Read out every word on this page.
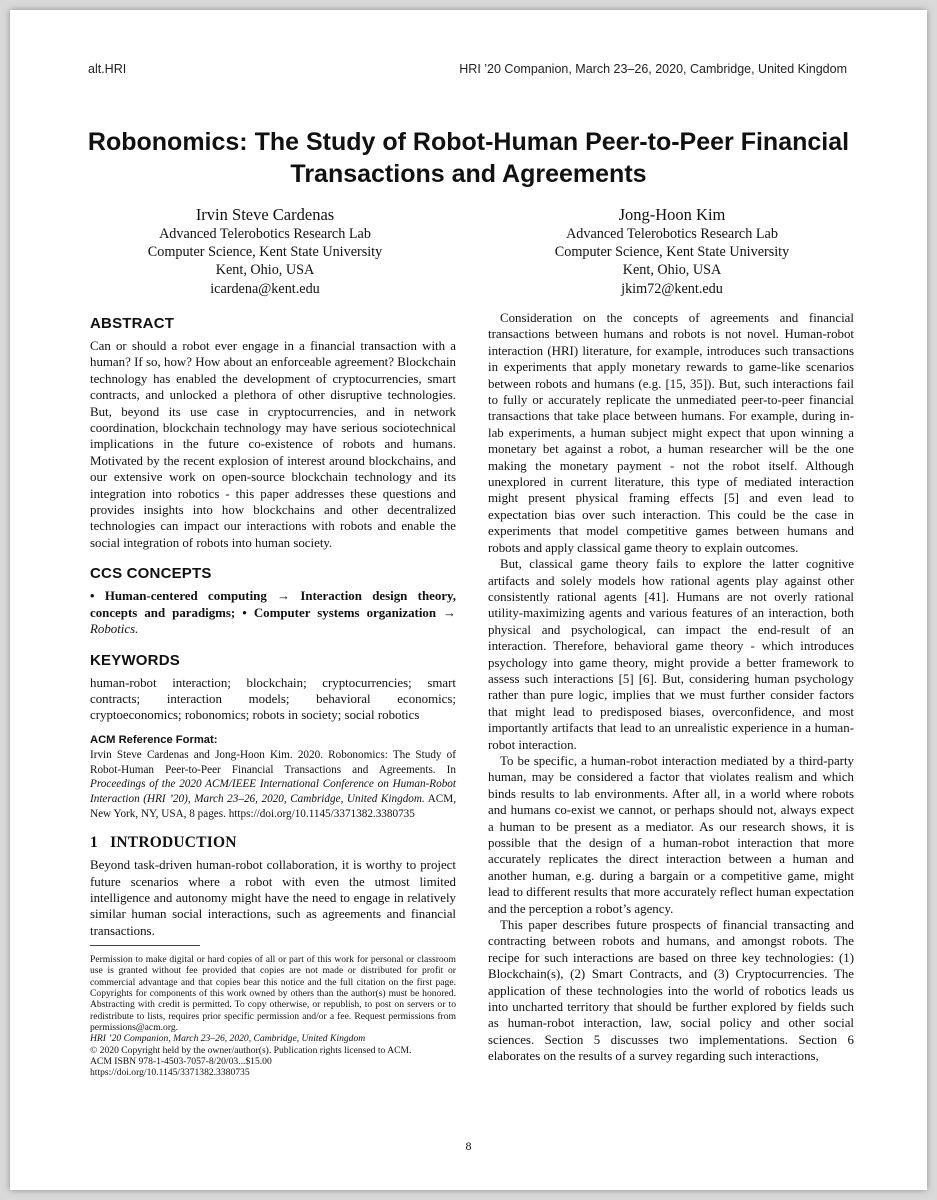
alt.HRI	HRI ’20 Companion, March 23–26, 2020, Cambridge, United Kingdom
Robonomics: The Study of Robot-Human Peer-to-Peer Financial
Transactions and Agreements
Irvin Steve Cardenas
Advanced Telerobotics Research Lab
Computer Science, Kent State University
Kent, Ohio, USA
icardena@kent.edu
Jong-Hoon Kim
Advanced Telerobotics Research Lab
Computer Science, Kent State University
Kent, Ohio, USA
jkim72@kent.edu
ABSTRACT

Can or should a robot ever engage in a financial transaction with a human? If so, how? How about an enforceable agreement? Blockchain technology has enabled the development of cryptocurrencies, smart contracts, and unlocked a plethora of other disruptive technologies. But, beyond its use case in cryptocurrencies, and in network coordination, blockchain technology may have serious sociotechnical implications in the future co-existence of robots and humans. Motivated by the recent explosion of interest around blockchains, and our extensive work on open-source blockchain technology and its integration into robotics - this paper addresses these questions and provides insights into how blockchains and other decentralized technologies can impact our interactions with robots and enable the social integration of robots into human society.

CCS CONCEPTS

• Human-centered computing → Interaction design theory, concepts and paradigms; • Computer systems organization → Robotics.

KEYWORDS

human-robot interaction; blockchain; cryptocurrencies; smart contracts; interaction models; behavioral economics; cryptoeconomics; robonomics; robots in society; social robotics

ACM Reference Format:

Irvin Steve Cardenas and Jong-Hoon Kim. 2020. Robonomics: The Study of Robot-Human Peer-to-Peer Financial Transactions and Agreements. In Proceedings of the 2020 ACM/IEEE International Conference on Human-Robot Interaction (HRI ’20), March 23–26, 2020, Cambridge, United Kingdom. ACM, New York, NY, USA, 8 pages. https://doi.org/10.1145/3371382.3380735

1   INTRODUCTION

Beyond task-driven human-robot collaboration, it is worthy to project future scenarios where a robot with even the utmost limited intelligence and autonomy might have the need to engage in relatively similar human social interactions, such as agreements and financial transactions.

Permission to make digital or hard copies of all or part of this work for personal or classroom use is granted without fee provided that copies are not made or distributed for profit or commercial advantage and that copies bear this notice and the full citation on the first page. Copyrights for components of this work owned by others than the author(s) must be honored. Abstracting with credit is permitted. To copy otherwise, or republish, to post on servers or to redistribute to lists, requires prior specific permission and/or a fee. Request permissions from permissions@acm.org.
HRI ’20 Companion, March 23–26, 2020, Cambridge, United Kingdom
© 2020 Copyright held by the owner/author(s). Publication rights licensed to ACM.
ACM ISBN 978-1-4503-7057-8/20/03...$15.00
https://doi.org/10.1145/3371382.3380735

Consideration on the concepts of agreements and financial transactions between humans and robots is not novel. Human-robot interaction (HRI) literature, for example, introduces such transactions in experiments that apply monetary rewards to game-like scenarios between robots and humans (e.g. [15, 35]). But, such interactions fail to fully or accurately replicate the unmediated peer-to-peer financial transactions that take place between humans. For example, during in-lab experiments, a human subject might expect that upon winning a monetary bet against a robot, a human researcher will be the one making the monetary payment - not the robot itself. Although unexplored in current literature, this type of mediated interaction might present physical framing effects [5] and even lead to expectation bias over such interaction. This could be the case in experiments that model competitive games between humans and robots and apply classical game theory to explain outcomes.

But, classical game theory fails to explore the latter cognitive artifacts and solely models how rational agents play against other consistently rational agents [41]. Humans are not overly rational utility-maximizing agents and various features of an interaction, both physical and psychological, can impact the end-result of an interaction. Therefore, behavioral game theory - which introduces psychology into game theory, might provide a better framework to assess such interactions [5] [6]. But, considering human psychology rather than pure logic, implies that we must further consider factors that might lead to predisposed biases, overconfidence, and most importantly artifacts that lead to an unrealistic experience in a human-robot interaction.

To be specific, a human-robot interaction mediated by a third-party human, may be considered a factor that violates realism and which binds results to lab environments. After all, in a world where robots and humans co-exist we cannot, or perhaps should not, always expect a human to be present as a mediator. As our research shows, it is possible that the design of a human-robot interaction that more accurately replicates the direct interaction between a human and another human, e.g. during a bargain or a competitive game, might lead to different results that more accurately reflect human expectation and the perception a robot’s agency.

This paper describes future prospects of financial transacting and contracting between robots and humans, and amongst robots. The recipe for such interactions are based on three key technologies: (1) Blockchain(s), (2) Smart Contracts, and (3) Cryptocurrencies. The application of these technologies into the world of robotics leads us into uncharted territory that should be further explored by fields such as human-robot interaction, law, social policy and other social sciences. Section 5 discusses two implementations. Section 6 elaborates on the results of a survey regarding such interactions,

8
